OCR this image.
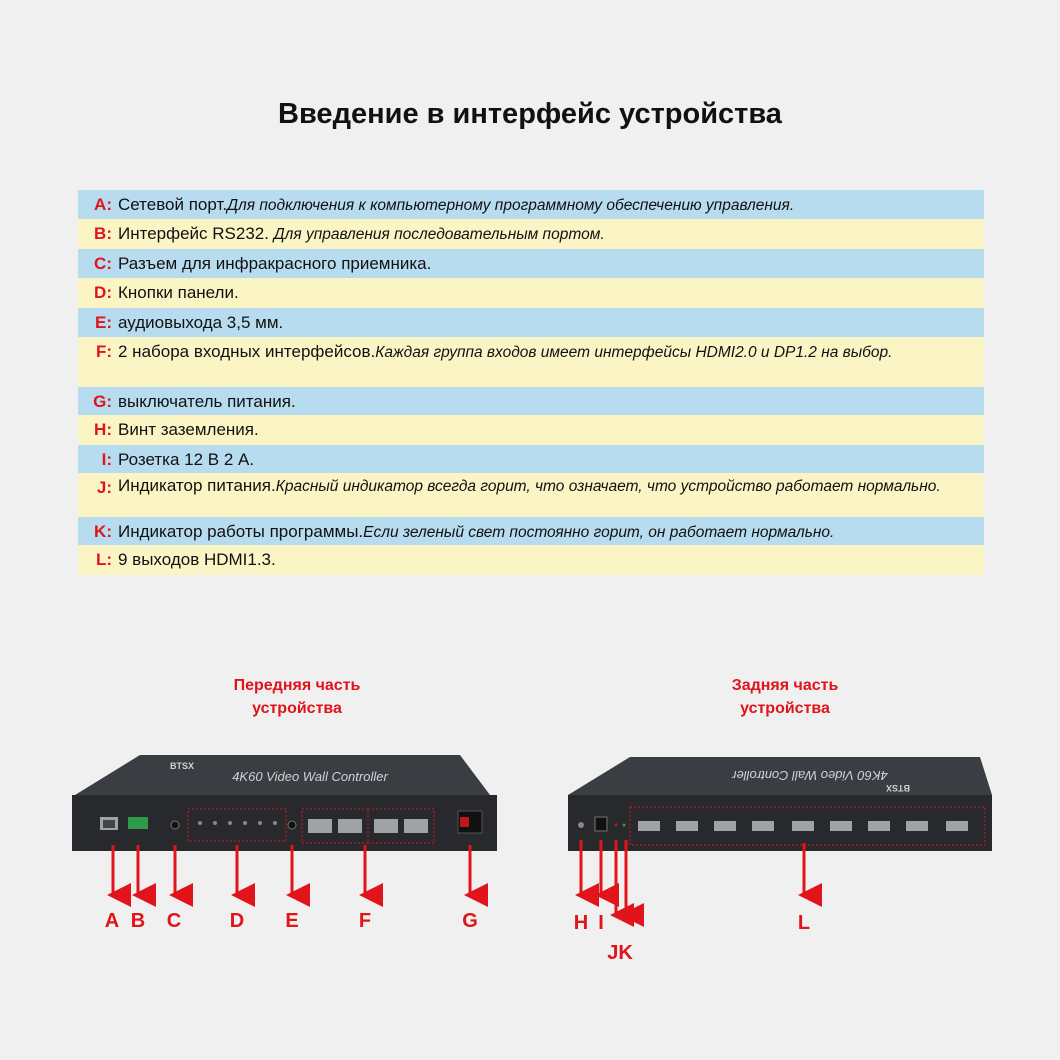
Введение в интерфейс устройства
A: Сетевой порт.Для подключения к компьютерному программному обеспечению управления.
B: Интерфейс RS232. Для управления последовательным портом.
C: Разъем для инфракрасного приемника.
D: Кнопки панели.
E: аудиовыхода 3,5 мм.
F: 2 набора входных интерфейсов.Каждая группа входов имеет интерфейсы HDMI2.0 и DP1.2 на выбор.
G: выключатель питания.
H: Винт заземления.
I: Розетка 12 В 2 А.
J: Индикатор питания.Красный индикатор всегда горит, что означает, что устройство работает нормально.
K: Индикатор работы программы.Если зеленый свет постоянно горит, он работает нормально.
L: 9 выходов HDMI1.3.
Передняя часть
устройства
Задняя часть
устройства
4K60 Video Wall Controller
BTSX
A B C D E	F	G
4K60 Video Wall Controller
BTSX
H I
JK
L
